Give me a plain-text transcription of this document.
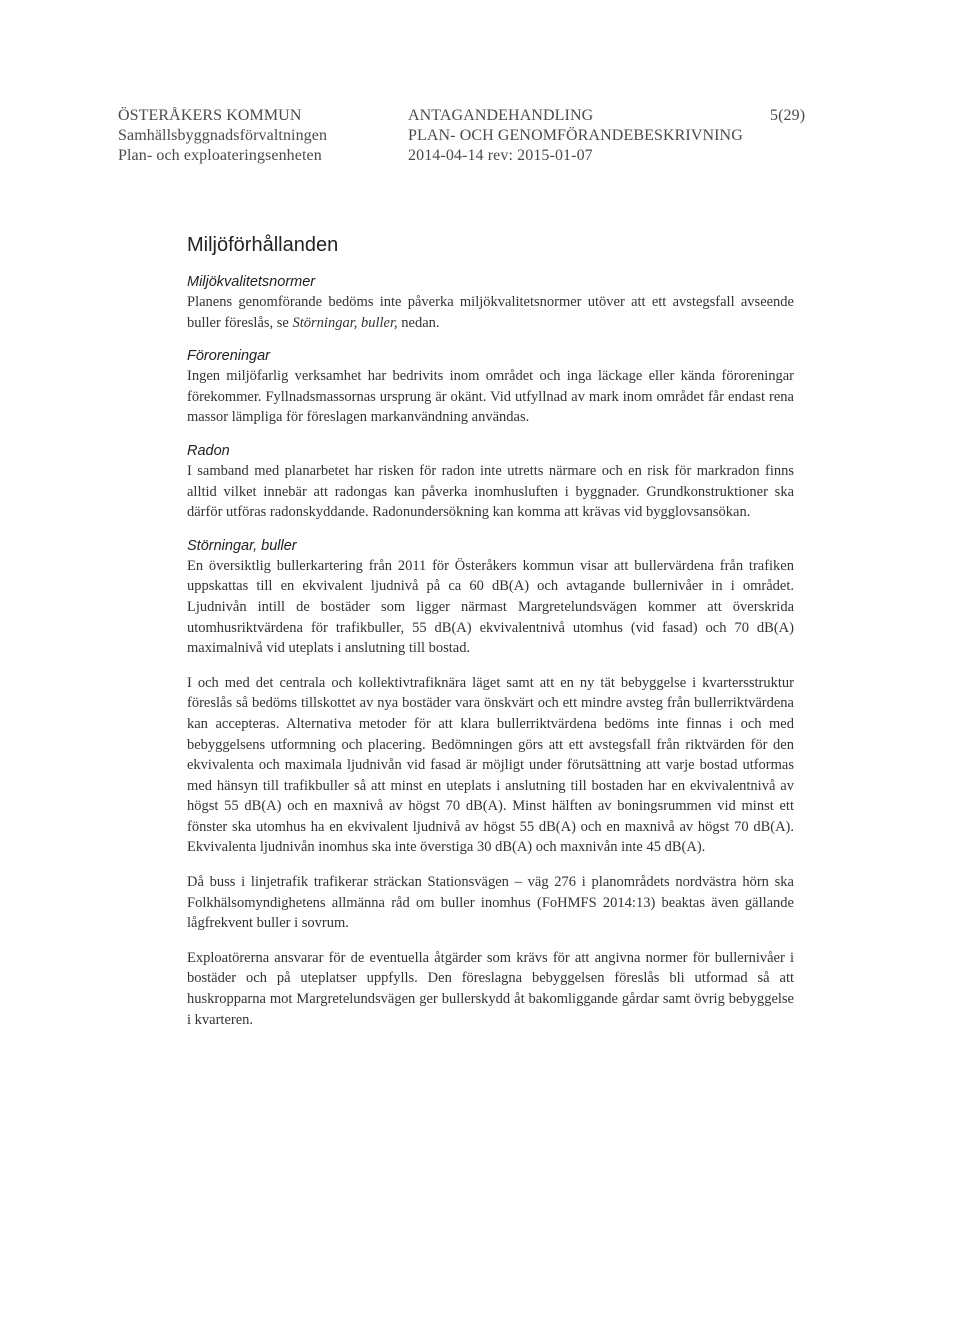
ÖSTERÅKERS KOMMUN
Samhällsbyggnadsförvaltningen
Plan- och exploateringsenheten
ANTAGANDEHANDLING
PLAN- OCH GENOMFÖRANDEBESKRIVNING
2014-04-14 rev: 2015-01-07
5(29)
Miljöförhållanden
Miljökvalitetsnormer

Planens genomförande bedöms inte påverka miljökvalitetsnormer utöver att ett avstegsfall avseende buller föreslås, se Störningar, buller, nedan.

Föroreningar

Ingen miljöfarlig verksamhet har bedrivits inom området och inga läckage eller kända föroreningar förekommer. Fyllnadsmassornas ursprung är okänt. Vid utfyllnad av mark inom området får endast rena massor lämpliga för föreslagen markanvändning användas.

Radon

I samband med planarbetet har risken för radon inte utretts närmare och en risk för markradon finns alltid vilket innebär att radongas kan påverka inomhusluften i byggnader. Grundkonstruktioner ska därför utföras radonskyddande. Radonundersökning kan komma att krävas vid bygglovsansökan.

Störningar, buller

En översiktlig bullerkartering från 2011 för Österåkers kommun visar att bullervärdena från trafiken uppskattas till en ekvivalent ljudnivå på ca 60 dB(A) och avtagande bullernivåer in i området. Ljudnivån intill de bostäder som ligger närmast Margretelundsvägen kommer att överskrida utomhusriktvärdena för trafikbuller, 55 dB(A) ekvivalentnivå utomhus (vid fasad) och 70 dB(A) maximalnivå vid uteplats i anslutning till bostad.

I och med det centrala och kollektivtrafiknära läget samt att en ny tät bebyggelse i kvartersstruktur föreslås så bedöms tillskottet av nya bostäder vara önskvärt och ett mindre avsteg från bullerriktvärdena kan accepteras. Alternativa metoder för att klara bullerriktvärdena bedöms inte finnas i och med bebyggelsens utformning och placering. Bedömningen görs att ett avstegsfall från riktvärden för den ekvivalenta och maximala ljudnivån vid fasad är möjligt under förutsättning att varje bostad utformas med hänsyn till trafikbuller så att minst en uteplats i anslutning till bostaden har en ekvivalentnivå av högst 55 dB(A) och en maxnivå av högst 70 dB(A). Minst hälften av boningsrummen vid minst ett fönster ska utomhus ha en ekvivalent ljudnivå av högst 55 dB(A) och en maxnivå av högst 70 dB(A). Ekvivalenta ljudnivån inomhus ska inte överstiga 30 dB(A) och maxnivån inte 45 dB(A).

Då buss i linjetrafik trafikerar sträckan Stationsvägen – väg 276 i planområdets nordvästra hörn ska Folkhälsomyndighetens allmänna råd om buller inomhus (FoHMFS 2014:13) beaktas även gällande lågfrekvent buller i sovrum.

Exploatörerna ansvarar för de eventuella åtgärder som krävs för att angivna normer för bullernivåer i bostäder och på uteplatser uppfylls. Den föreslagna bebyggelsen föreslås bli utformad så att huskropparna mot Margretelundsvägen ger bullerskydd åt bakomliggande gårdar samt övrig bebyggelse i kvarteren.
